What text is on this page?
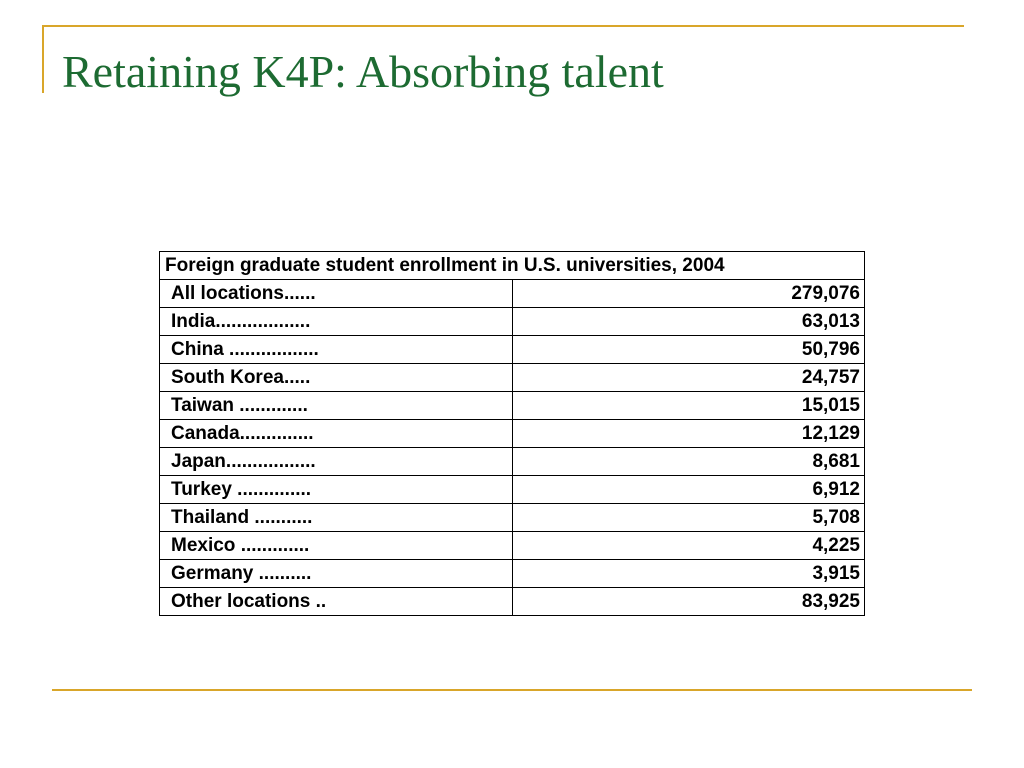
Retaining K4P: Absorbing talent
Foreign graduate student enrollment in U.S. universities, 2004	
All locations......	279,076
India..................	63,013
China .................	50,796
South Korea.....	24,757
Taiwan .............	15,015
Canada..............	12,129
Japan.................	8,681
Turkey ..............	6,912
Thailand ...........	5,708
Mexico .............	4,225
Germany ..........	3,915
Other locations ..	83,925
